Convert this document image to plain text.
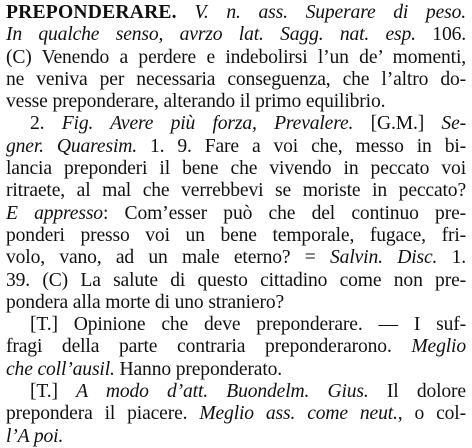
PREPONDERARE. V. n. ass. Superare di peso.
In qualche senso, avrzo lat. Sagg. nat. esp. 106.
(C) Venendo a perdere e indebolirsi l’un de’ momenti,
ne veniva per necessaria conseguenza, che l’altro do-
vesse preponderare, alterando il primo equilibrio.
2. Fig. Avere più forza, Prevalere. [G.M.] Se-
gner. Quaresim. 1. 9. Fare a voi che, messo in bi-
lancia preponderi il bene che vivendo in peccato voi
ritraete, al mal che verrebbevi se moriste in peccato?
E appresso: Com’esser può che del continuo pre-
ponderi presso voi un bene temporale, fugace, fri-
volo, vano, ad un male eterno? = Salvin. Disc. 1.
39. (C) La salute di questo cittadino come non pre-
ponderа alla morte di uno straniero?
[T.] Opinione che deve preponderare. — I suf-
fragi della parte contraria preponderarono. Meglio
che coll’ausil. Hanno preponderato.
[T.] A modo d’att. Buondelm. Gius. Il dolore
prepondera il piacere. Meglio ass. come neut., o col-
l’A poi.
